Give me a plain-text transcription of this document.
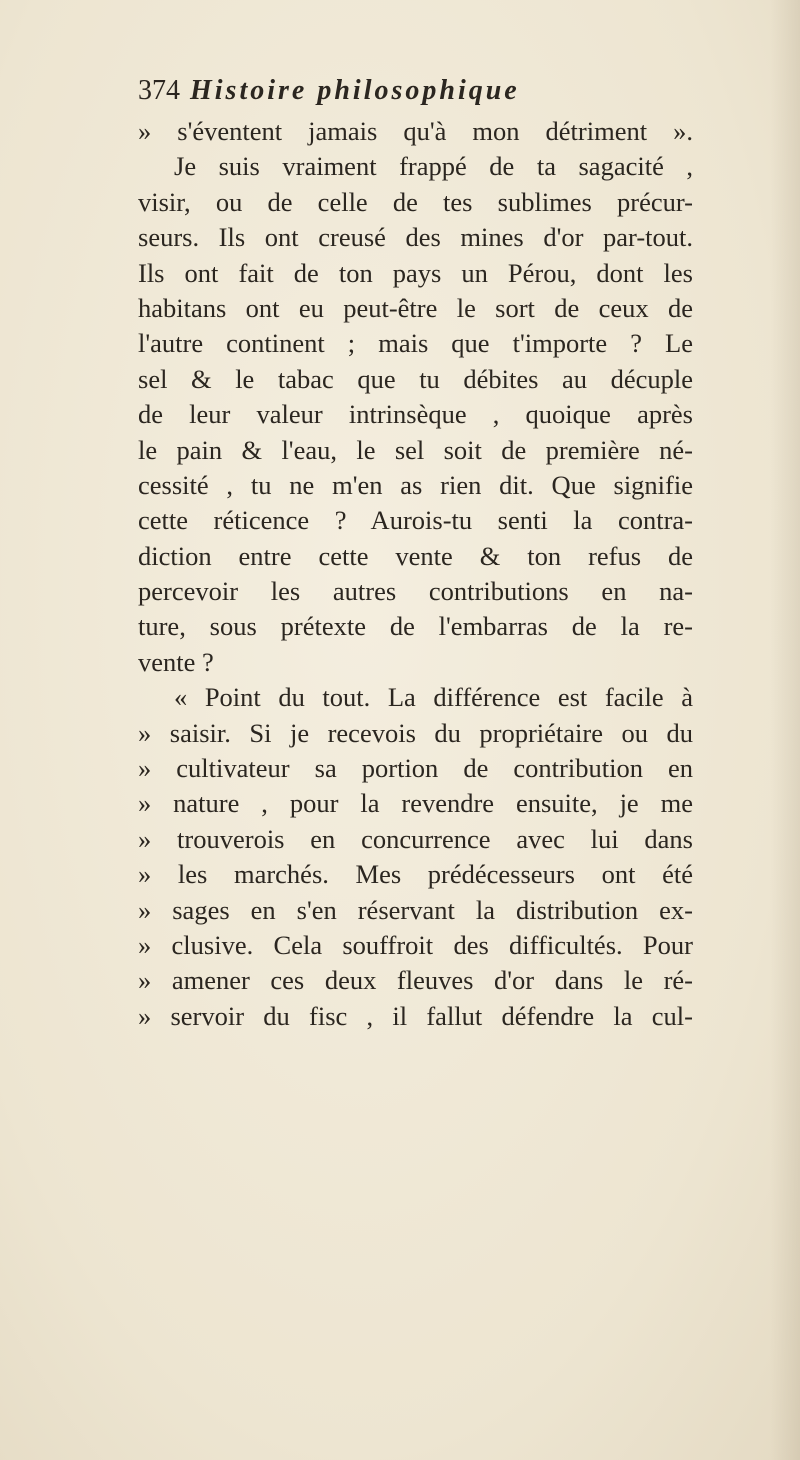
374 Histoire philosophique
» s'éventent jamais qu'à mon détriment ».
Je suis vraiment frappé de ta sagacité ,
visir, ou de celle de tes sublimes précur-
seurs. Ils ont creusé des mines d'or par-tout.
Ils ont fait de ton pays un Pérou, dont les
habitans ont eu peut-être le sort de ceux de
l'autre continent ; mais que t'importe ? Le
sel & le tabac que tu débites au décuple
de leur valeur intrinsèque , quoique après
le pain & l'eau, le sel soit de première né-
cessité , tu ne m'en as rien dit. Que signifie
cette réticence ? Aurois-tu senti la contra-
diction entre cette vente & ton refus de
percevoir les autres contributions en na-
ture, sous prétexte de l'embarras de la re-
vente ?
« Point du tout. La différence est facile à
» saisir. Si je recevois du propriétaire ou du
» cultivateur sa portion de contribution en
» nature , pour la revendre ensuite, je me
» trouverois en concurrence avec lui dans
» les marchés. Mes prédécesseurs ont été
» sages en s'en réservant la distribution ex-
» clusive. Cela souffroit des difficultés. Pour
» amener ces deux fleuves d'or dans le ré-
» servoir du fisc , il fallut défendre la cul-
